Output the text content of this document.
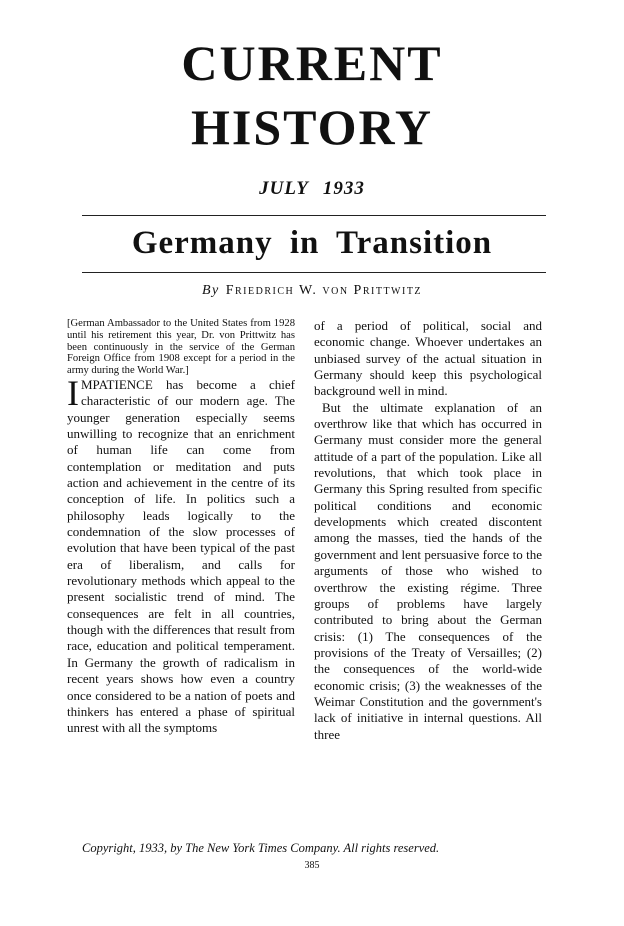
CURRENT
HISTORY
JULY 1933
Germany in Transition
By Friedrich W. von Prittwitz

[German Ambassador to the United States from 1928 until his retirement this year, Dr. von Prittwitz has been continuously in the service of the German Foreign Office from 1908 except for a period in the army during the World War.]

IMPATIENCE has become a chief characteristic of our modern age. The younger generation especially seems unwilling to recognize that an enrichment of human life can come from contemplation or meditation and puts action and achievement in the centre of its conception of life. In politics such a philosophy leads logically to the condemnation of the slow processes of evolution that have been typical of the past era of liberalism, and calls for revolutionary methods which appeal to the present socialistic trend of mind. The consequences are felt in all countries, though with the differences that result from race, education and political temperament. In Germany the growth of radicalism in recent years shows how even a country once considered to be a nation of poets and thinkers has entered a phase of spiritual unrest with all the symptoms

of a period of political, social and economic change. Whoever undertakes an unbiased survey of the actual situation in Germany should keep this psychological background well in mind.

But the ultimate explanation of an overthrow like that which has occurred in Germany must consider more the general attitude of a part of the population. Like all revolutions, that which took place in Germany this Spring resulted from specific political conditions and economic developments which created discontent among the masses, tied the hands of the government and lent persuasive force to the arguments of those who wished to overthrow the existing régime. Three groups of problems have largely contributed to bring about the German crisis: (1) The consequences of the provisions of the Treaty of Versailles; (2) the consequences of the world-wide economic crisis; (3) the weaknesses of the Weimar Constitution and the government's lack of initiative in internal questions. All three

Copyright, 1933, by The New York Times Company. All rights reserved.
385
